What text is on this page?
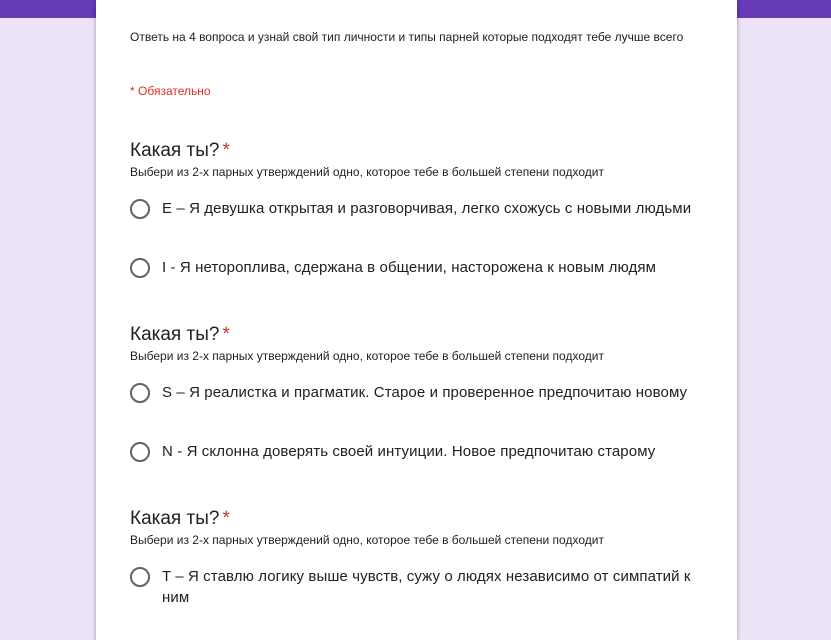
Ответь на 4 вопроса и узнай свой тип личности и типы парней которые подходят тебе лучше всего
* Обязательно
Какая ты? *
Выбери из 2-х парных утверждений одно, которое тебе в большей степени подходит
E – Я девушка открытая и разговорчивая, легко схожусь с новыми людьми
I - Я неторопливa, сдержана в общении, настороженa к новым людям
Какая ты? *
Выбери из 2-х парных утверждений одно, которое тебе в большей степени подходит
S – Я реалистка и прагматик. Старое и проверенное предпочитаю новому
N - Я склонна доверять своей интуиции. Новое предпочитаю старому
Какая ты? *
Выбери из 2-х парных утверждений одно, которое тебе в большей степени подходит
T – Я ставлю логику выше чувств, сужу о людях независимо от симпатий к ним
